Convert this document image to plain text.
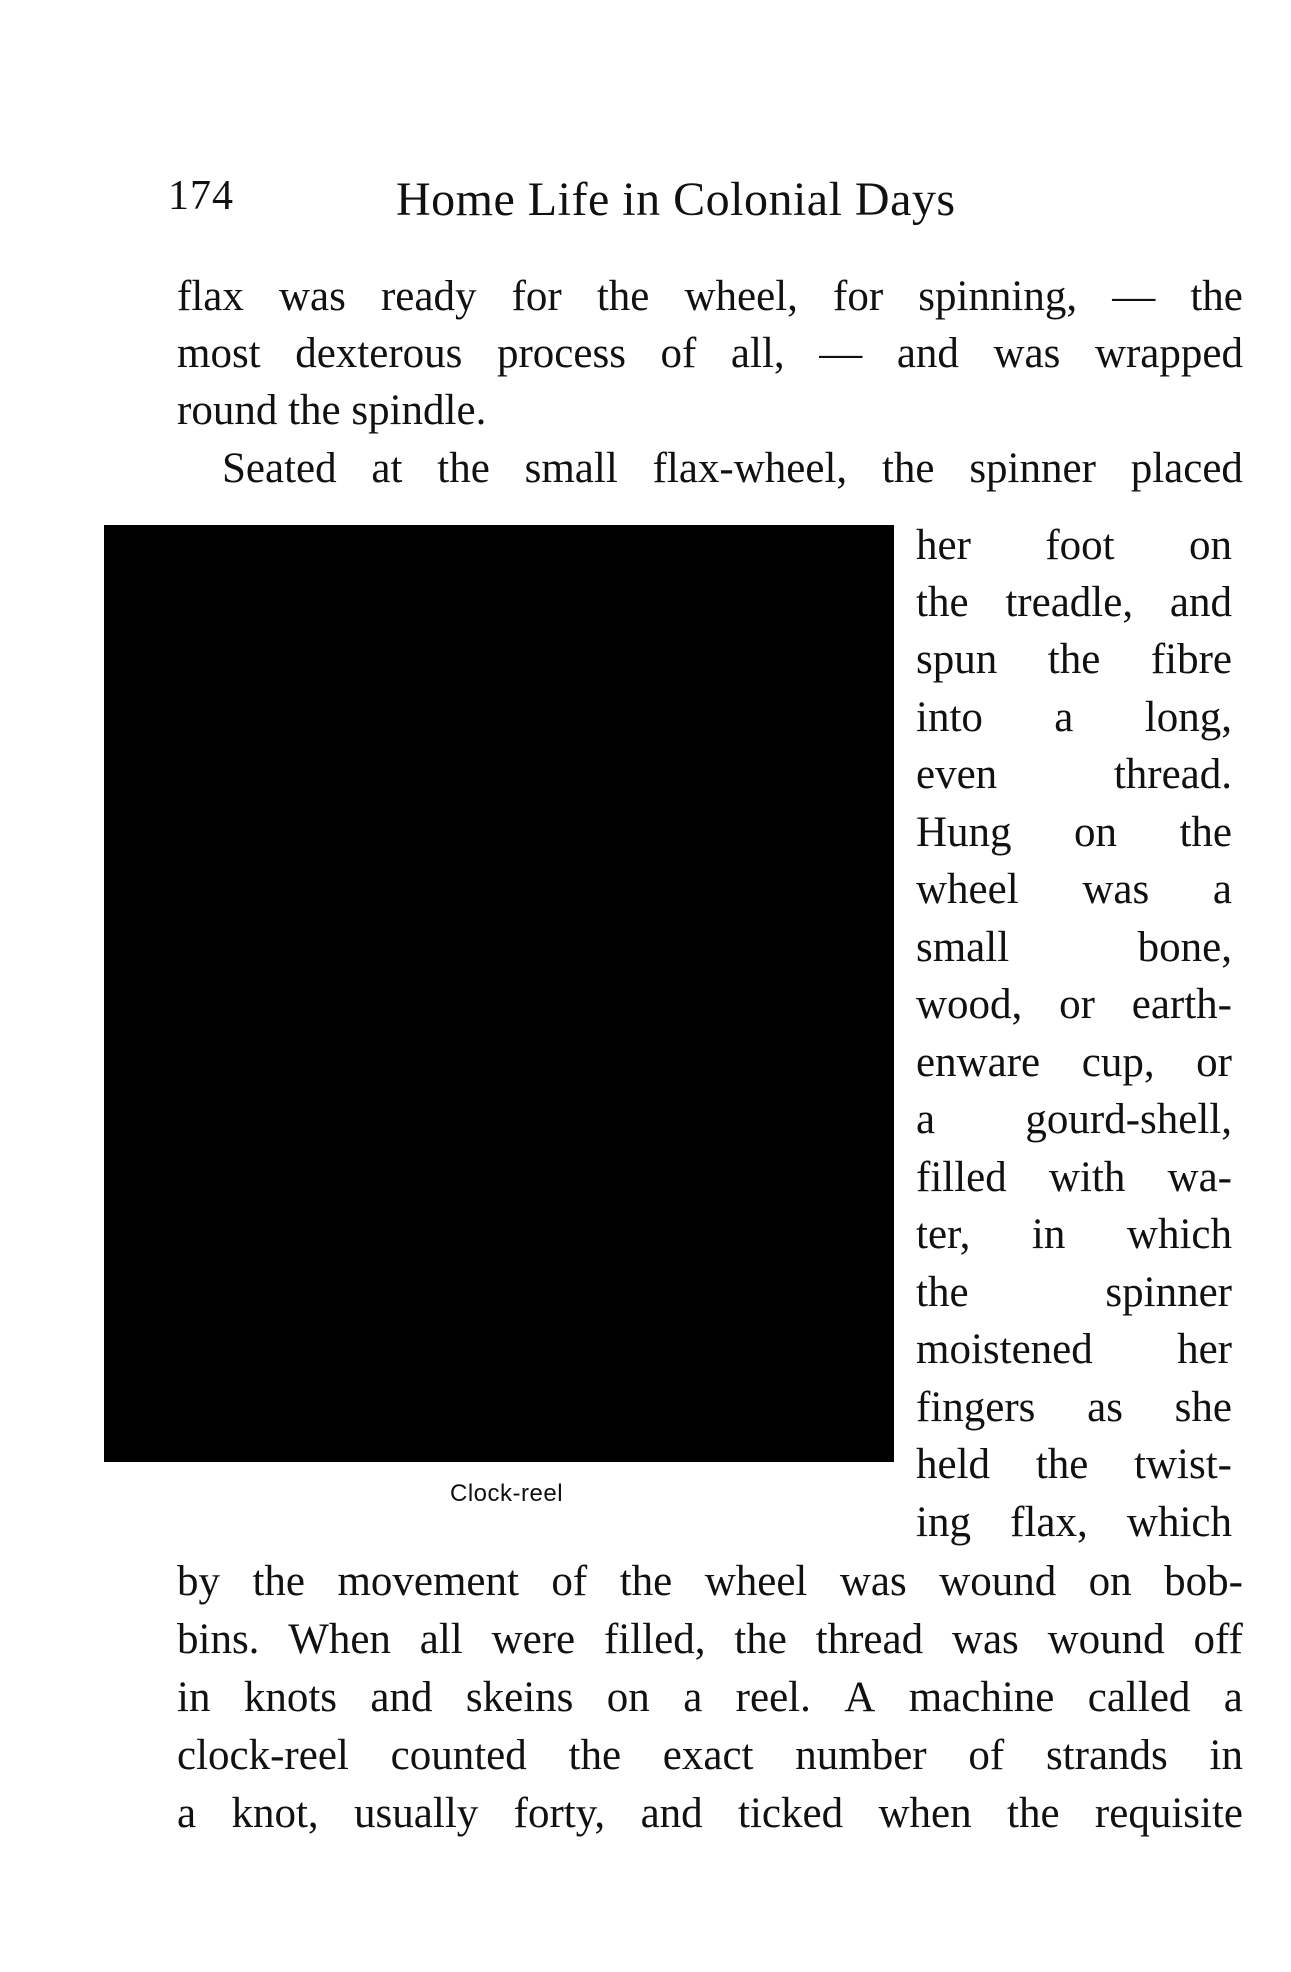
174	Home Life in Colonial Days
flax was ready for the wheel, for spinning, — the
most dexterous process of all, — and was wrapped
round the spindle.
Seated at the small flax-wheel, the spinner placed
Clock-reel
her foot on
the treadle, and
spun the fibre
into a long,
even	thread.
Hung on the
wheel was a
small	bone,
wood, or earth-
enware cup, or
a gourd-shell,
filled with wa-
ter, in which
the	spinner
moistened her
fingers as she
held the twist-
ing flax, which
by the movement of the wheel was wound on bob-
bins. When all were filled, the thread was wound off
in knots and skeins on a reel. A machine called a
clock-reel counted the exact number of strands in
a knot, usually forty, and ticked when the requisite
